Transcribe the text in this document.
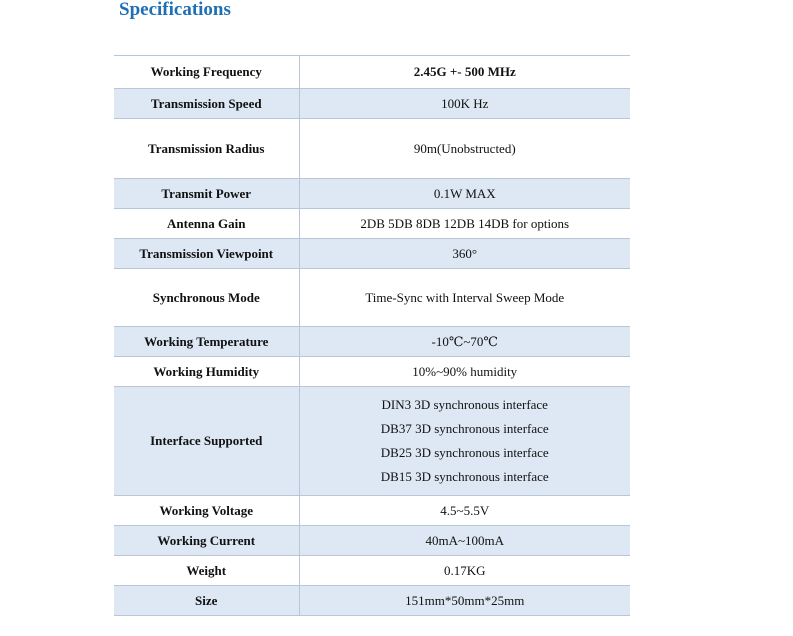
Specifications
Working Frequency	2.45G +- 500 MHz
Transmission Speed	100K Hz
Transmission Radius	90m(Unobstructed)
Transmit Power	0.1W MAX
Antenna Gain	2DB 5DB 8DB 12DB 14DB for options
Transmission Viewpoint	360°
Synchronous Mode	Time-Sync with Interval Sweep Mode
Working Temperature	-10℃~70℃
Working Humidity	10%~90% humidity
Interface Supported	DIN3 3D synchronous interface
DB37 3D synchronous interface
DB25 3D synchronous interface
DB15 3D synchronous interface

Working Voltage	4.5~5.5V
Working Current	40mA~100mA
Weight	0.17KG
Size	151mm*50mm*25mm
